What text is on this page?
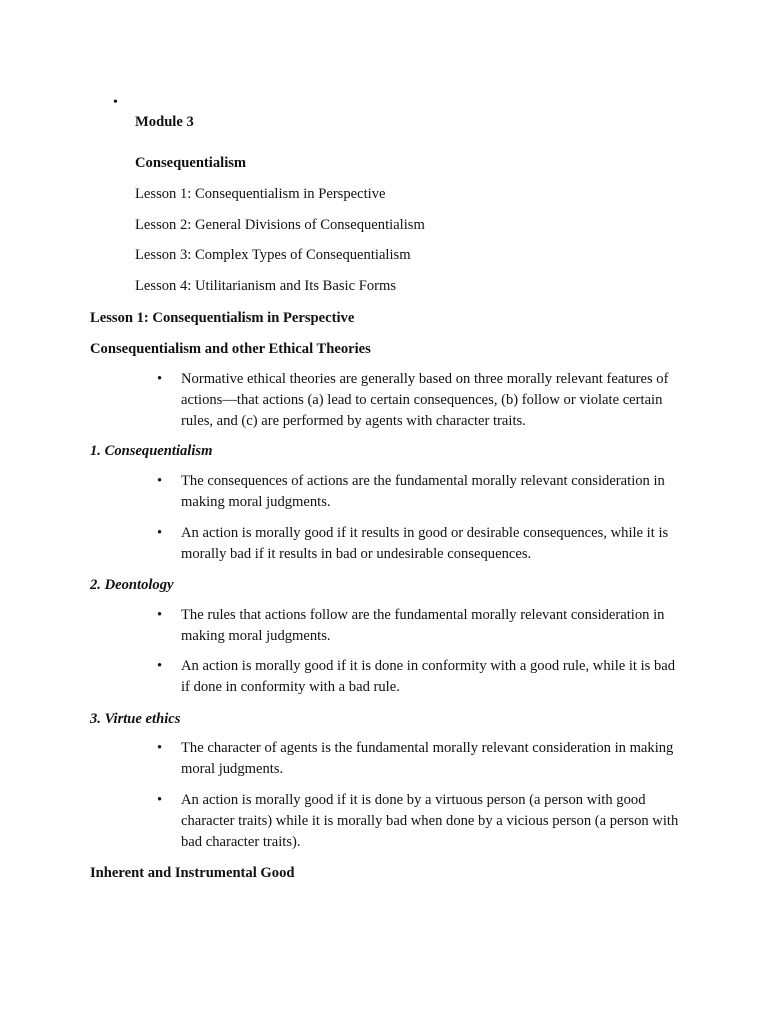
•

Module 3

Consequentialism

Lesson 1: Consequentialism in Perspective

Lesson 2: General Divisions of Consequentialism

Lesson 3: Complex Types of Consequentialism

Lesson 4: Utilitarianism and Its Basic Forms

Lesson 1: Consequentialism in Perspective

Consequentialism and other Ethical Theories

• Normative ethical theories are generally based on three morally relevant features of actions—that actions (a) lead to certain consequences, (b) follow or violate certain rules, and (c) are performed by agents with character traits.

1. Consequentialism

• The consequences of actions are the fundamental morally relevant consideration in making moral judgments.
• An action is morally good if it results in good or desirable consequences, while it is morally bad if it results in bad or undesirable consequences.

2. Deontology

• The rules that actions follow are the fundamental morally relevant consideration in making moral judgments.
• An action is morally good if it is done in conformity with a good rule, while it is bad if done in conformity with a bad rule.

3. Virtue ethics

• The character of agents is the fundamental morally relevant consideration in making moral judgments.
• An action is morally good if it is done by a virtuous person (a person with good character traits) while it is morally bad when done by a vicious person (a person with bad character traits).

Inherent and Instrumental Good
